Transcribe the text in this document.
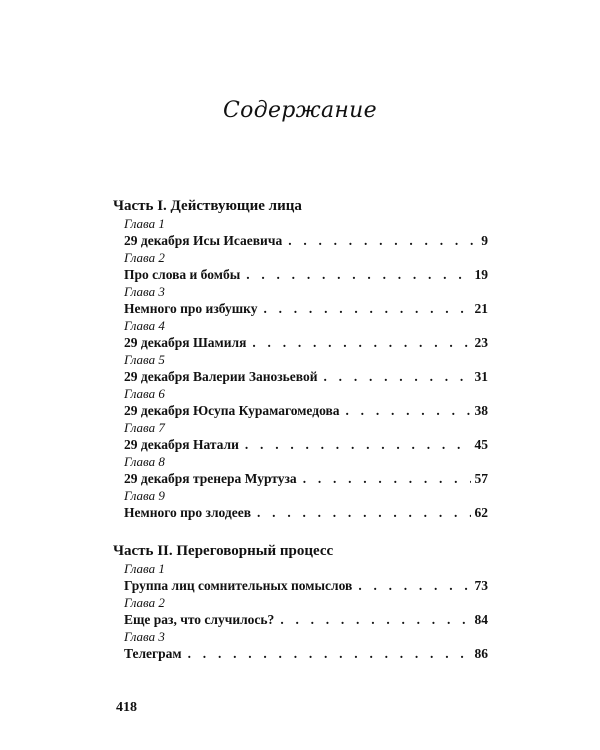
Содержание
Часть I. Действующие лица
Глава 1
29 декабря Исы Исаевича . . .	9
Глава 2
Про слова и бомбы . . .	19
Глава 3
Немного про избушку . . .	21
Глава 4
29 декабря Шамиля . . .	23
Глава 5
29 декабря Валерии Занозьевой . . .	31
Глава 6
29 декабря Юсупа Курамагомедова . . .	38
Глава 7
29 декабря Натали . . .	45
Глава 8
29 декабря тренера Муртуза . . .	57
Глава 9
Немного про злодеев . . .	62
Часть II. Переговорный процесс
Глава 1
Группа лиц сомнительных помыслов . . .	73
Глава 2
Еще раз, что случилось? . . .	84
Глава 3
Телеграм . . .	86
418
